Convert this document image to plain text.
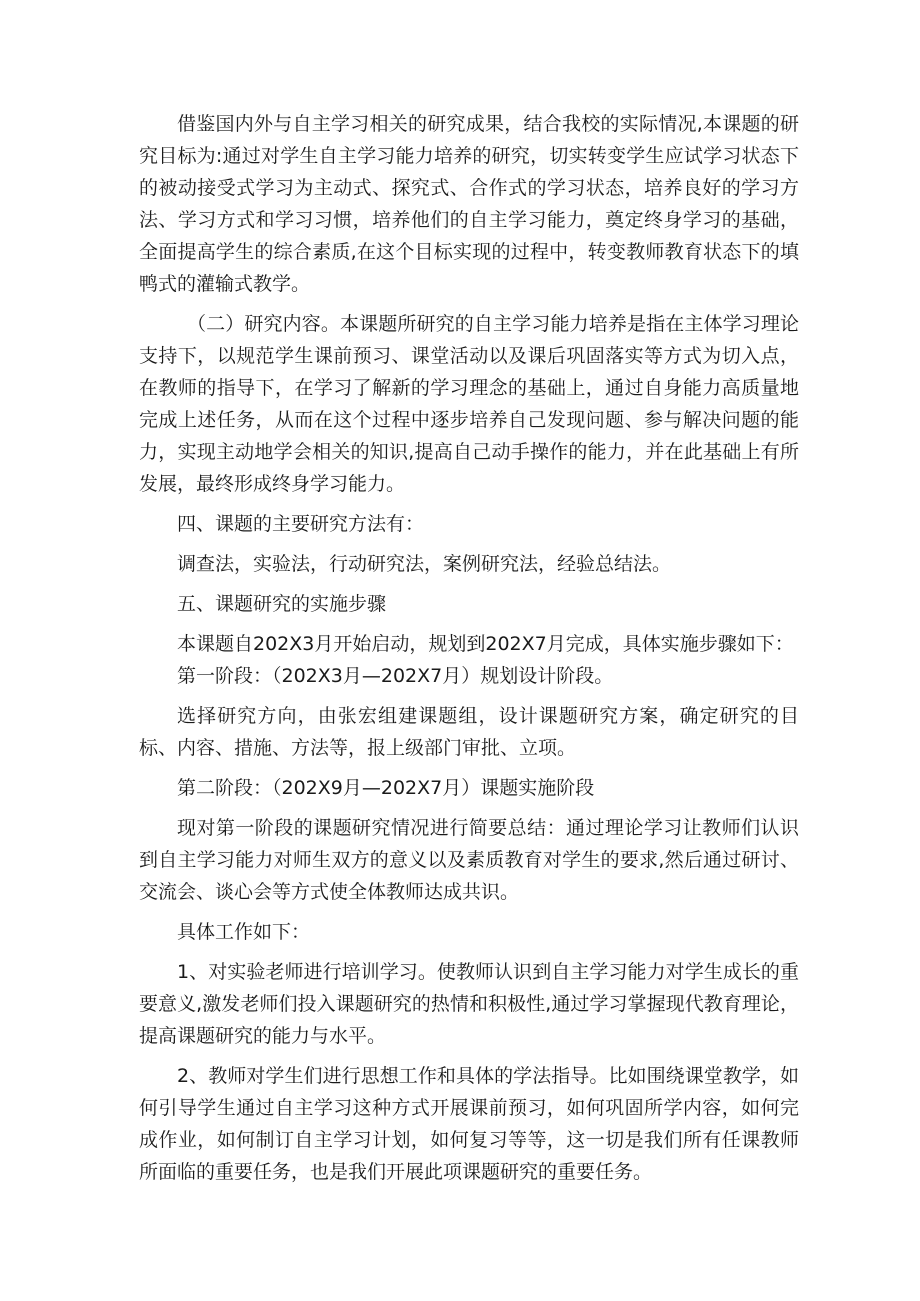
借鉴国内外与自主学习相关的研究成果，结合我校的实际情况,本课题的研究目标为:通过对学生自主学习能力培养的研究，切实转变学生应试学习状态下的被动接受式学习为主动式、探究式、合作式的学习状态，培养良好的学习方法、学习方式和学习习惯，培养他们的自主学习能力，奠定终身学习的基础，全面提高学生的综合素质,在这个目标实现的过程中，转变教师教育状态下的填鸭式的灌输式教学。

（二）研究内容。本课题所研究的自主学习能力培养是指在主体学习理论支持下，以规范学生课前预习、课堂活动以及课后巩固落实等方式为切入点，在教师的指导下，在学习了解新的学习理念的基础上，通过自身能力高质量地完成上述任务，从而在这个过程中逐步培养自己发现问题、参与解决问题的能力，实现主动地学会相关的知识,提高自己动手操作的能力，并在此基础上有所发展，最终形成终身学习能力。

四、课题的主要研究方法有：

调查法，实验法，行动研究法，案例研究法，经验总结法。

五、课题研究的实施步骤

本课题自202X3月开始启动，规划到202X7月完成，具体实施步骤如下：

第一阶段：（202X3月—202X7月）规划设计阶段。

选择研究方向，由张宏组建课题组，设计课题研究方案，确定研究的目标、内容、措施、方法等，报上级部门审批、立项。

第二阶段：（202X9月—202X7月）课题实施阶段

现对第一阶段的课题研究情况进行简要总结：通过理论学习让教师们认识到自主学习能力对师生双方的意义以及素质教育对学生的要求,然后通过研讨、交流会、谈心会等方式使全体教师达成共识。

具体工作如下：

1、对实验老师进行培训学习。使教师认识到自主学习能力对学生成长的重要意义,激发老师们投入课题研究的热情和积极性,通过学习掌握现代教育理论，提高课题研究的能力与水平。

2、教师对学生们进行思想工作和具体的学法指导。比如围绕课堂教学，如何引导学生通过自主学习这种方式开展课前预习，如何巩固所学内容，如何完成作业，如何制订自主学习计划，如何复习等等，这一切是我们所有任课教师所面临的重要任务，也是我们开展此项课题研究的重要任务。
